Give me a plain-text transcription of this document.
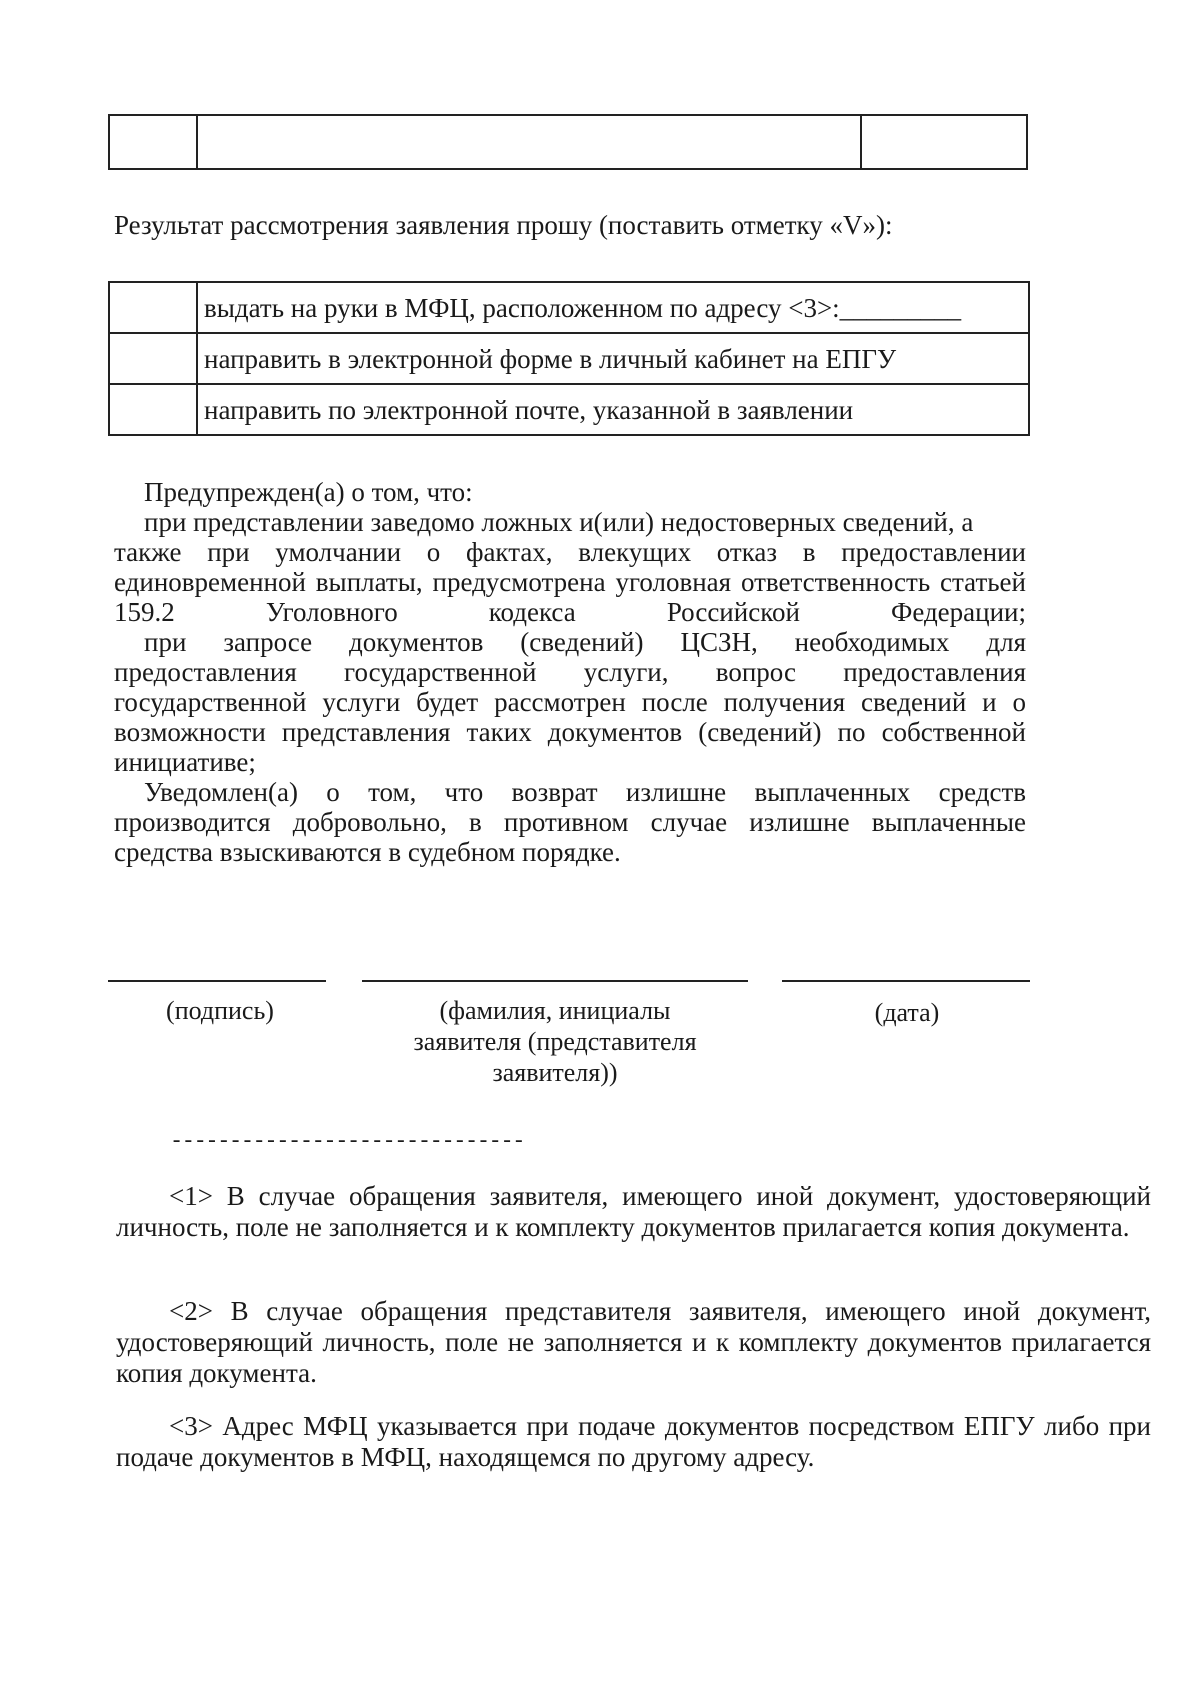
Результат рассмотрения заявления прошу (поставить отметку «V»):
	выдать на руки в МФЦ, расположенном по адресу <3>:_________
	направить в электронной форме в личный кабинет на ЕПГУ
	направить по электронной почте, указанной в заявлении
Предупрежден(а) о том, что:
при представлении заведомо ложных и(или) недостоверных сведений, а
также при умолчании о фактах, влекущих отказ в предоставлении единовременной выплаты, предусмотрена уголовная ответственность статьей 159.2 Уголовного кодекса Российской Федерации;
при запросе документов (сведений) ЦСЗН, необходимых для
предоставления государственной услуги, вопрос предоставления государственной услуги будет рассмотрен после получения сведений и о возможности представления таких документов (сведений) по собственной инициативе;
Уведомлен(а) о том, что возврат излишне выплаченных средств
производится добровольно, в противном случае излишне выплаченные средства взыскиваются в судебном порядке.
(подпись)	(фамилия, инициалы заявителя (представителя заявителя))
(дата)
------------------------------
<1> В случае обращения заявителя, имеющего иной документ, удостоверяющий личность, поле не заполняется и к комплекту документов прилагается копия документа.
<2> В случае обращения представителя заявителя, имеющего иной документ, удостоверяющий личность, поле не заполняется и к комплекту документов прилагается копия документа.
<3> Адрес МФЦ указывается при подаче документов посредством ЕПГУ либо при подаче документов в МФЦ, находящемся по другому адресу.
